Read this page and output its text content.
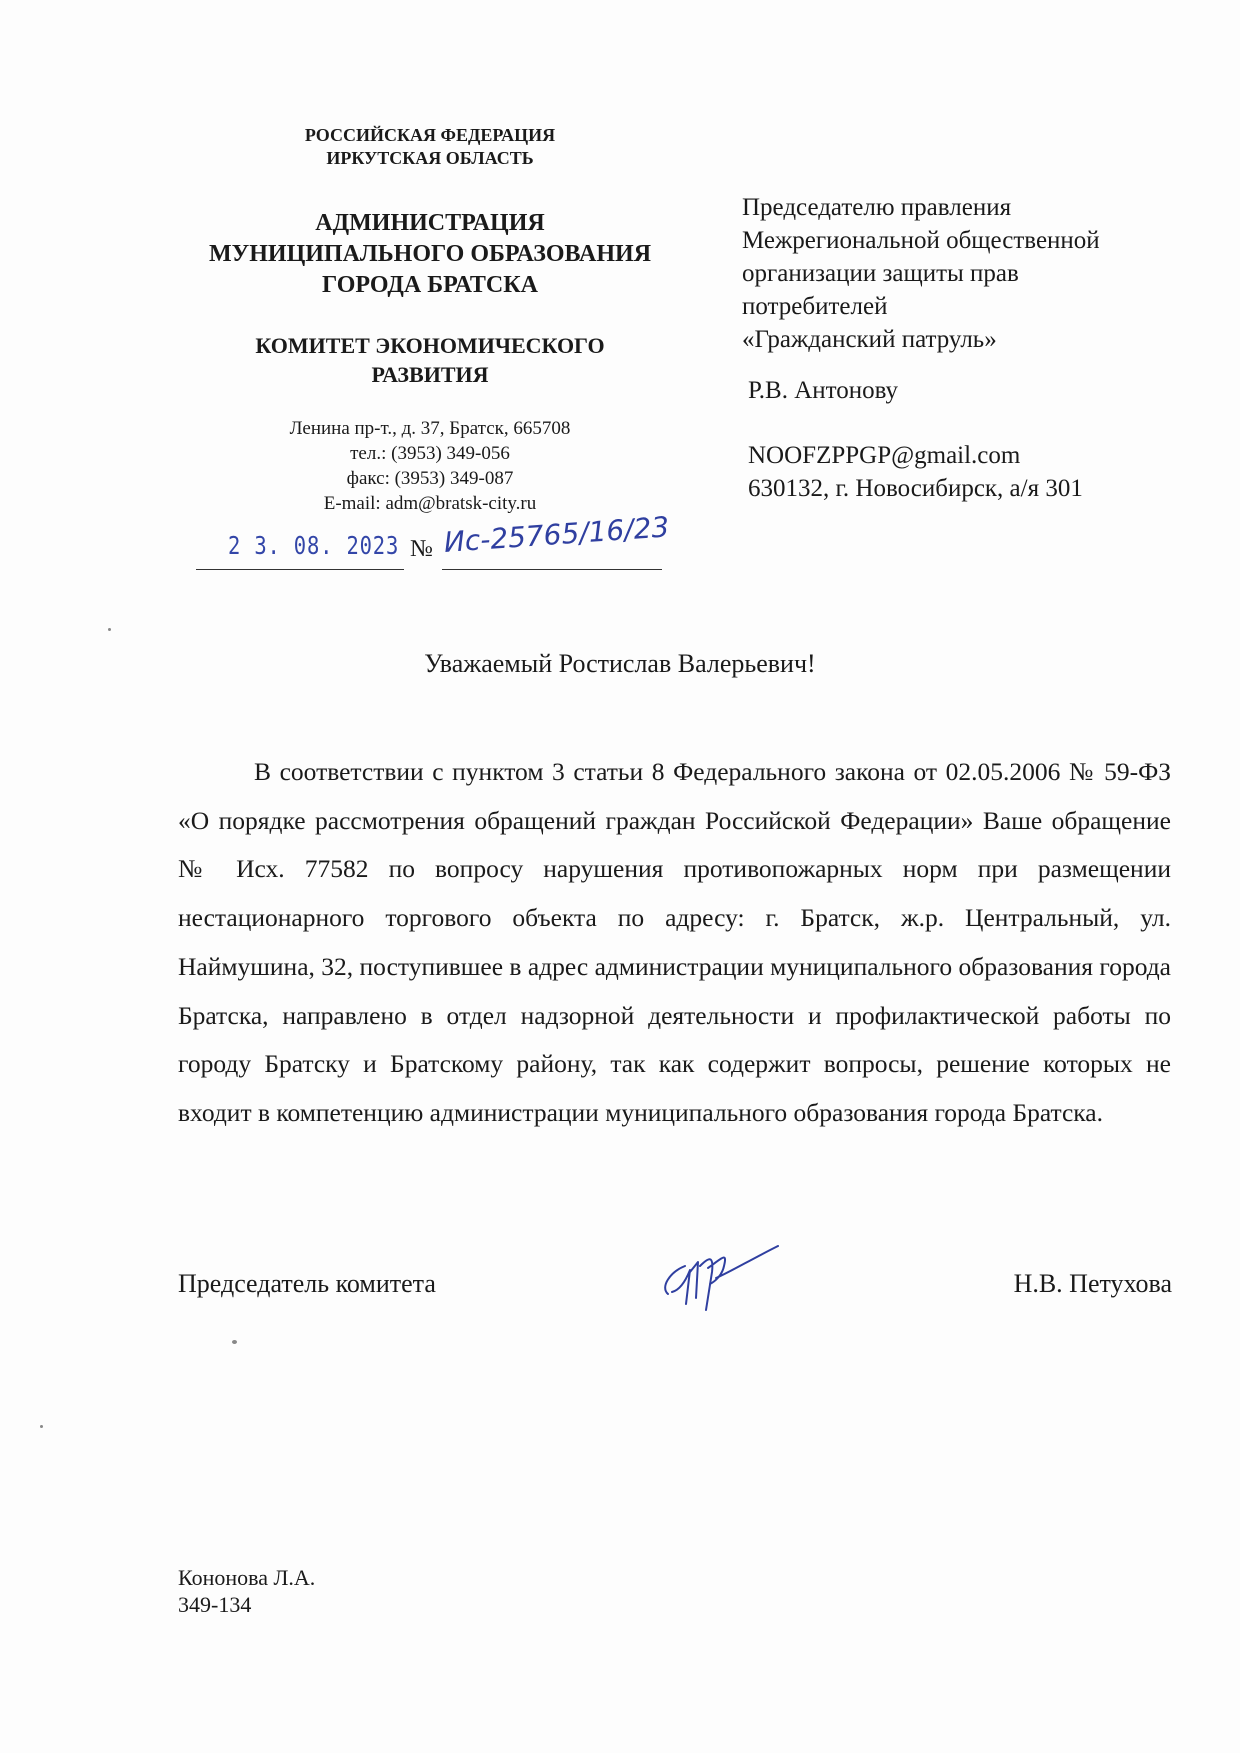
РОССИЙСКАЯ ФЕДЕРАЦИЯ
ИРКУТСКАЯ ОБЛАСТЬ
АДМИНИСТРАЦИЯ
МУНИЦИПАЛЬНОГО ОБРАЗОВАНИЯ
ГОРОДА БРАТСКА
КОМИТЕТ ЭКОНОМИЧЕСКОГО
РАЗВИТИЯ
Ленина пр-т., д. 37, Братск, 665708
тел.: (3953) 349-056
факс: (3953) 349-087
E-mail: adm@bratsk-city.ru
Председателю правления
Межрегиональной общественной
организации защиты прав
потребителей
«Гражданский патруль»
Р.В. Антонову
NOOFZPPGP@gmail.com
630132, г. Новосибирск, а/я 301
2 3. 08. 2023 № Ис-25765/16/23
Уважаемый Ростислав Валерьевич!
В соответствии с пунктом 3 статьи 8 Федерального закона от 02.05.2006 № 59-ФЗ «О порядке рассмотрения обращений граждан Российской Федерации» Ваше обращение № Исх. 77582 по вопросу нарушения противопожарных норм при размещении нестационарного торгового объекта по адресу: г. Братск, ж.р. Центральный, ул. Наймушина, 32, поступившее в адрес администрации муниципального образования города Братска, направлено в отдел надзорной деятельности и профилактической работы по городу Братску и Братскому району, так как содержит вопросы, решение которых не входит в компетенцию администрации муниципального образования города Братска.
Председатель комитета	Н.В. Петухова
Кононова Л.А.
349-134
